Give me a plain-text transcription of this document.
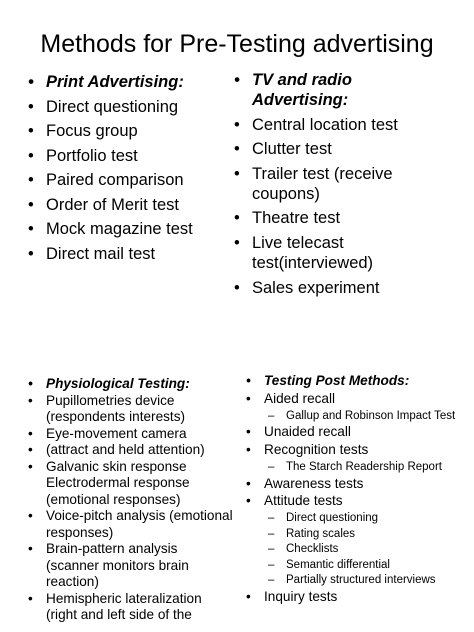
Methods for Pre-Testing advertising
• Print Advertising:
• Direct questioning
• Focus group
• Portfolio test
• Paired comparison
• Order of Merit test
• Mock magazine test
• Direct mail test
• TV and radio
Advertising:
• Central location test
• Clutter test
• Trailer test (receive coupons)
• Theatre test
• Live telecast test(interviewed)
• Sales experiment
• Physiological Testing:
• Pupillometries device (respondents interests)
• Eye-movement camera
• (attract and held attention)
• Galvanic skin response Electrodermal response (emotional responses)
• Voice-pitch analysis (emotional responses)
• Brain-pattern analysis (scanner monitors brain reaction)
• Hemispheric lateralization (right and left side of the
• Testing Post Methods:
• Aided recall
– Gallup and Robinson Impact Test
• Unaided recall
• Recognition tests
– The Starch Readership Report
• Awareness tests
• Attitude tests
– Direct questioning
– Rating scales
– Checklists
– Semantic differential
– Partially structured interviews
• Inquiry tests
